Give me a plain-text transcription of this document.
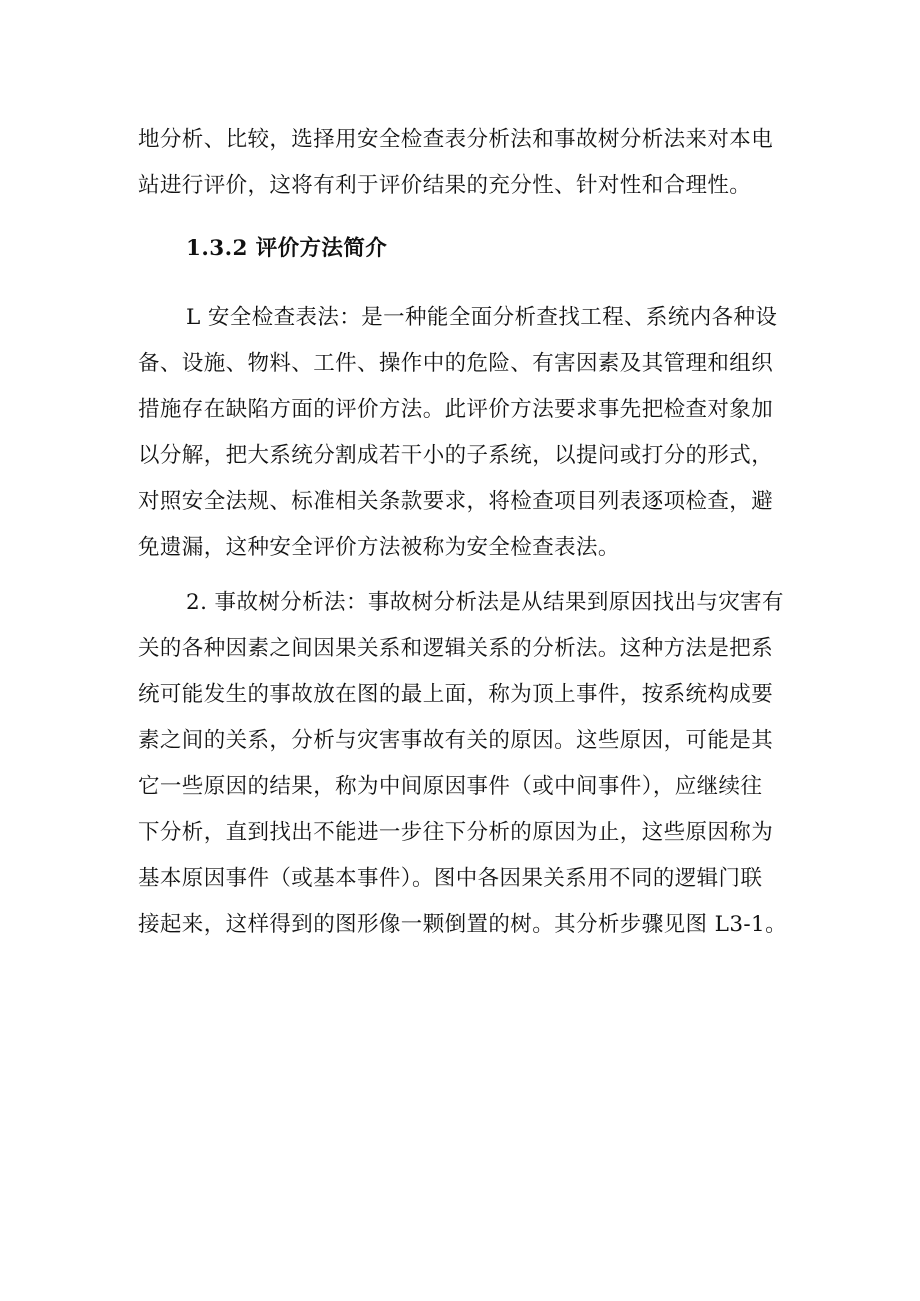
地分析、比较，选择用安全检查表分析法和事故树分析法来对本电
站进行评价，这将有利于评价结果的充分性、针对性和合理性。
1.3.2 评价方法简介
L 安全检查表法：是一种能全面分析查找工程、系统内各种设
备、设施、物料、工件、操作中的危险、有害因素及其管理和组织
措施存在缺陷方面的评价方法。此评价方法要求事先把检查对象加
以分解，把大系统分割成若干小的子系统，以提问或打分的形式，
对照安全法规、标准相关条款要求，将检查项目列表逐项检查，避
免遗漏，这种安全评价方法被称为安全检查表法。
2. 事故树分析法：事故树分析法是从结果到原因找出与灾害有
关的各种因素之间因果关系和逻辑关系的分析法。这种方法是把系
统可能发生的事故放在图的最上面，称为顶上事件，按系统构成要
素之间的关系，分析与灾害事故有关的原因。这些原因，可能是其
它一些原因的结果，称为中间原因事件（或中间事件），应继续往
下分析，直到找出不能进一步往下分析的原因为止，这些原因称为
基本原因事件（或基本事件）。图中各因果关系用不同的逻辑门联
接起来，这样得到的图形像一颗倒置的树。其分析步骤见图 L3-1。
